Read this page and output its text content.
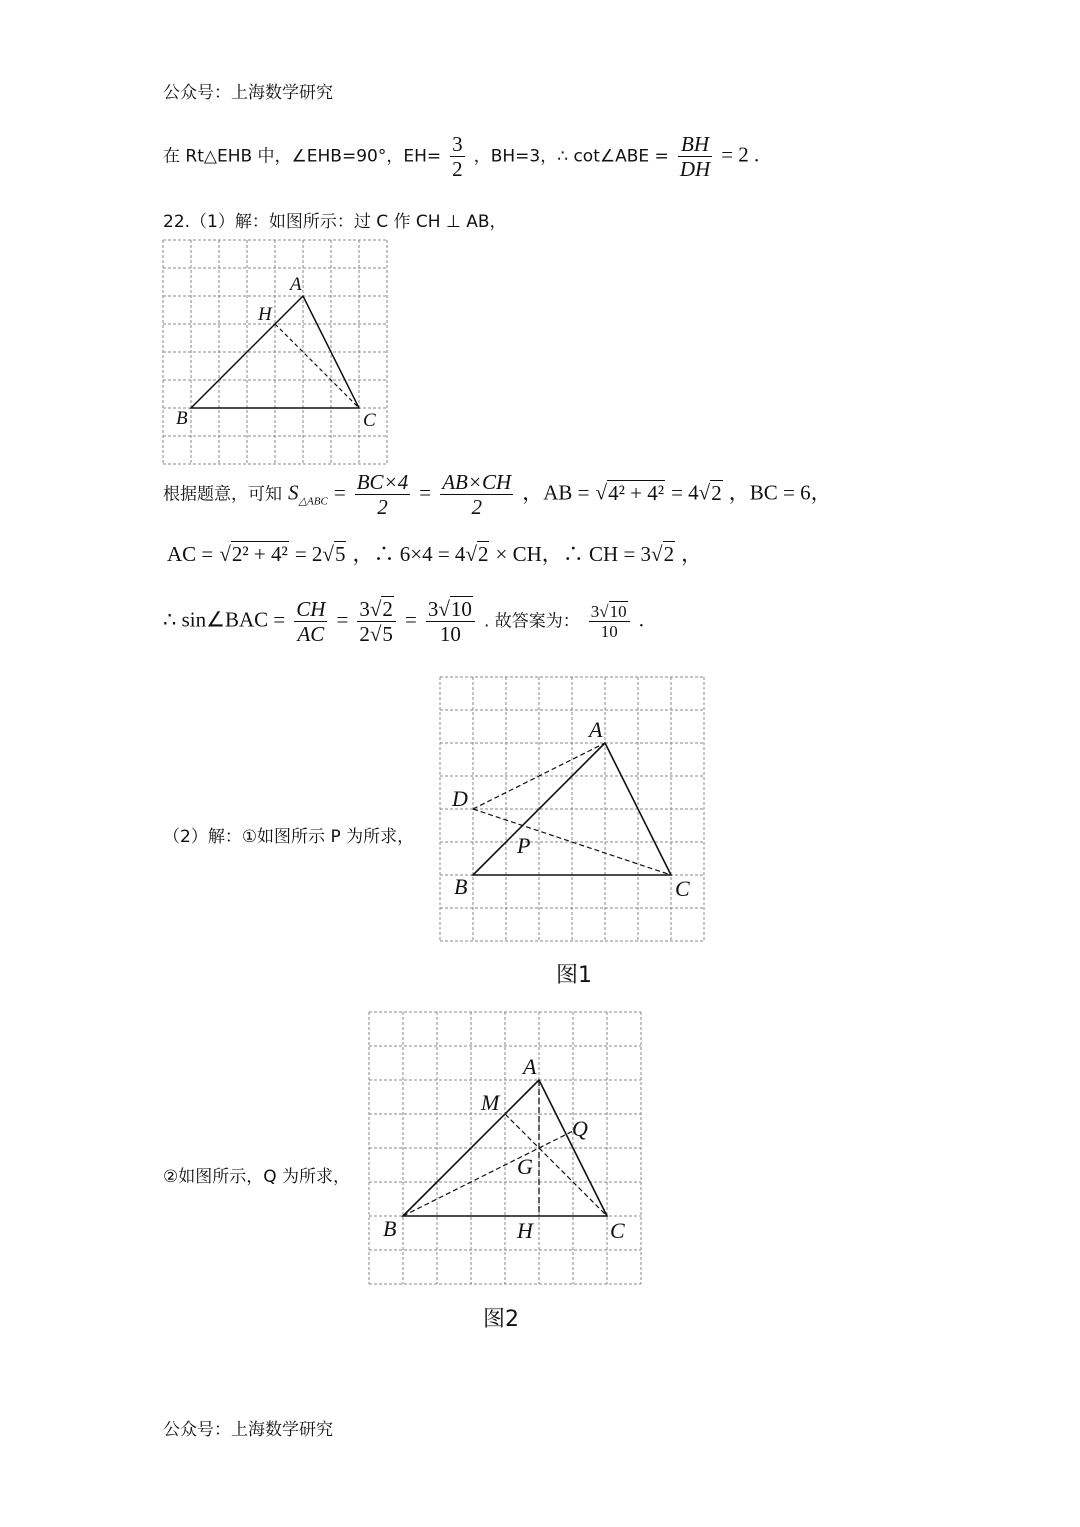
公众号：上海数学研究
在 Rt△EHB 中，∠EHB=90°，$EH= \frac{3}{2}$ ，BH=3，∴ cot∠ABE = $\frac{BH}{DH} = 2$ .
22.（1）解：如图所示：过 C 作 CH ⊥ AB，
A
H
B	C
根据题意，可知 $S_{\triangle ABC} = \frac{BC\times 4}{2} = \frac{AB\times CH}{2}$ ，AB = √4² + 4² = 4√2 ，BC = 6，
AC = √2² + 4² = 2√5 ，∴ 6×4 = 4√2 × CH，∴ CH = 3√2 ，
∴ sin∠BAC = $\frac{CH}{AC} = \frac{3√2}{2√5} = \frac{3√10}{10}$ . 故答案为： $\frac{3√10}{10}$ .
（2）解：①如图所示 P 为所求，
A
D
P
B	C
图1
②如图所示，Q 为所求，
A
M
Q
G
B	H	C
图2
公众号：上海数学研究
